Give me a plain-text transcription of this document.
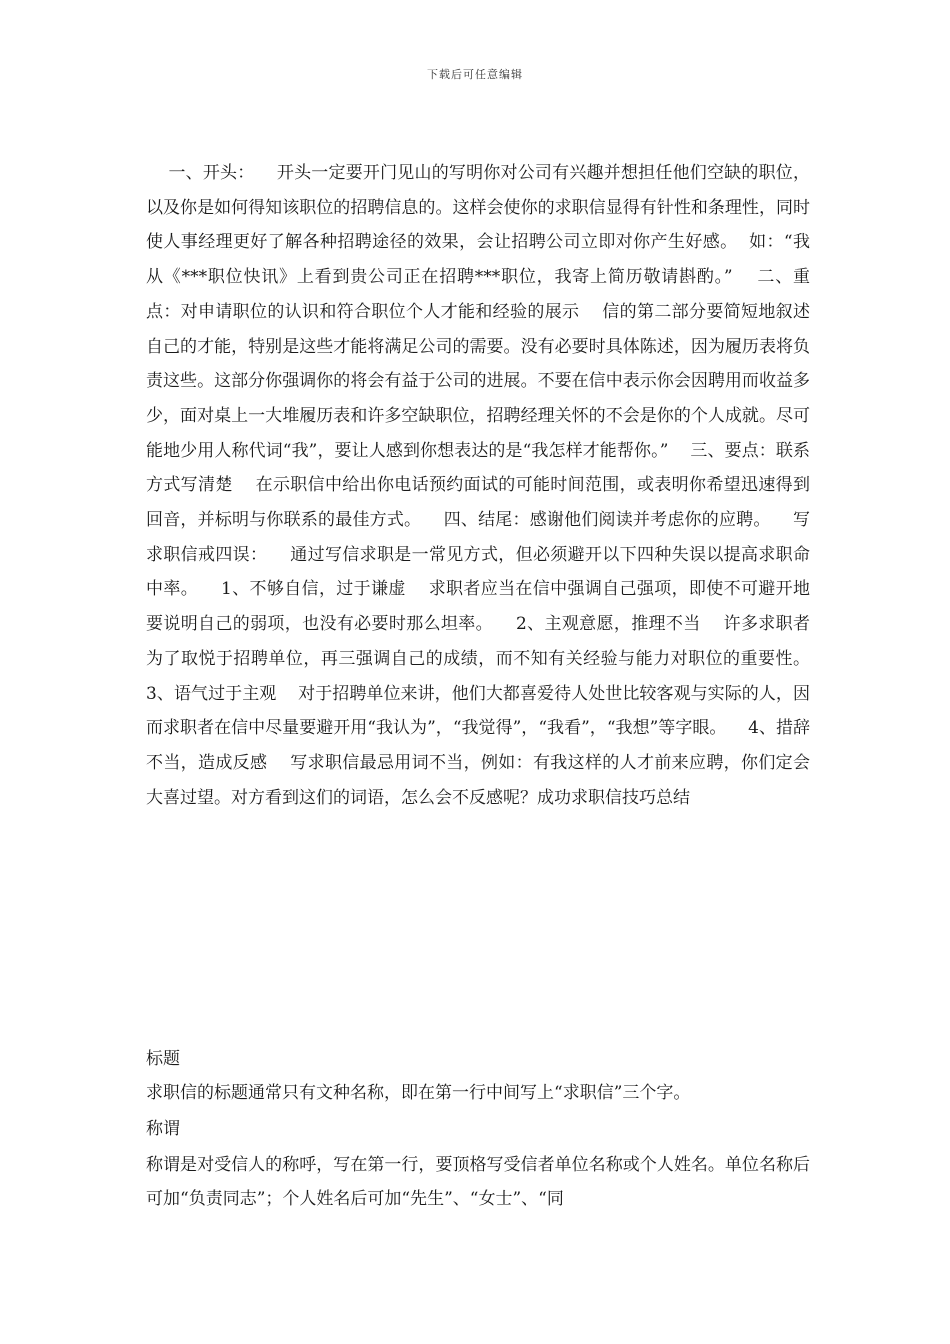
下载后可任意编辑

一、开头：    开头一定要开门见山的写明你对公司有兴趣并想担任他们空缺的职位，以及你是如何得知该职位的招聘信息的。这样会使你的求职信显得有针性和条理性，同时使人事经理更好了解各种招聘途径的效果，会让招聘公司立即对你产生好感。  如：“我从《***职位快讯》上看到贵公司正在招聘***职位，我寄上简历敬请斟酌。”    二、重点：对申请职位的认识和符合职位个人才能和经验的展示    信的第二部分要简短地叙述自己的才能，特别是这些才能将满足公司的需要。没有必要时具体陈述，因为履历表将负责这些。这部分你强调你的将会有益于公司的进展。不要在信中表示你会因聘用而收益多少，面对桌上一大堆履历表和许多空缺职位，招聘经理关怀的不会是你的个人成就。尽可能地少用人称代词“我”，要让人感到你想表达的是“我怎样才能帮你。”    三、要点：联系方式写清楚    在示职信中给出你电话预约面试的可能时间范围，或表明你希望迅速得到回音，并标明与你联系的最佳方式。    四、结尾：感谢他们阅读并考虑你的应聘。    写求职信戒四误：    通过写信求职是一常见方式，但必须避开以下四种失误以提高求职命中率。    1、不够自信，过于谦虚    求职者应当在信中强调自己强项，即使不可避开地要说明自己的弱项，也没有必要时那么坦率。    2、主观意愿，推理不当    许多求职者为了取悦于招聘单位，再三强调自己的成绩，而不知有关经验与能力对职位的重要性。    3、语气过于主观    对于招聘单位来讲，他们大都喜爱待人处世比较客观与实际的人，因而求职者在信中尽量要避开用“我认为”，“我觉得”，“我看”，“我想”等字眼。    4、措辞不当，造成反感    写求职信最忌用词不当，例如：有我这样的人才前来应聘，你们定会大喜过望。对方看到这们的词语，怎么会不反感呢？成功求职信技巧总结

标题
求职信的标题通常只有文种名称，即在第一行中间写上“求职信”三个字。
称谓
称谓是对受信人的称呼，写在第一行，要顶格写受信者单位名称或个人姓名。单位名称后可加“负责同志”；个人姓名后可加“先生”、“女士”、“同
